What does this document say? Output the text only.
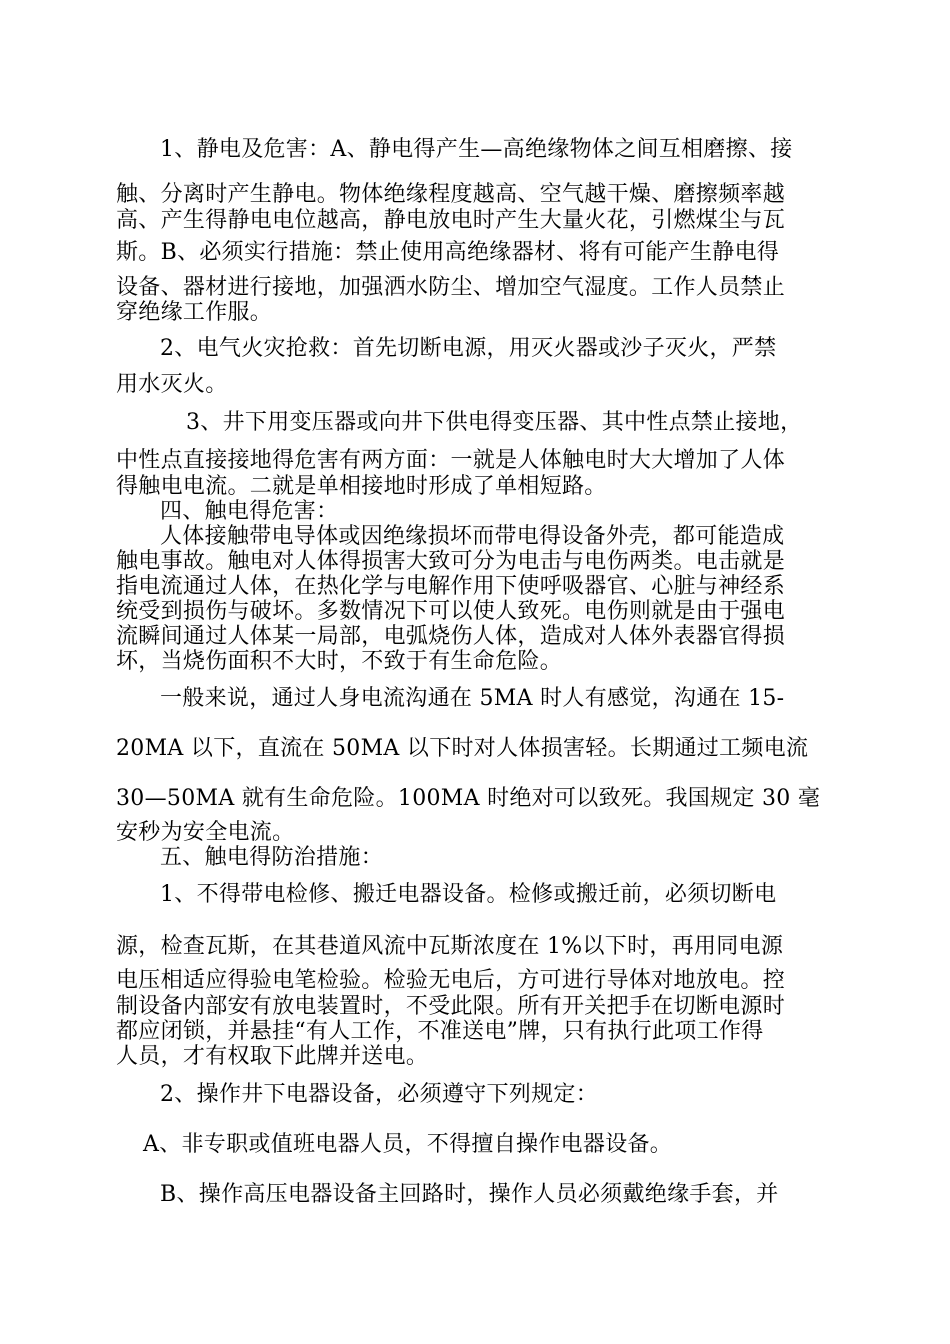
1、静电及危害：A、静电得产生—高绝缘物体之间互相磨擦、接
触、分离时产生静电。物体绝缘程度越高、空气越干燥、磨擦频率越
高、产生得静电电位越高，静电放电时产生大量火花，引燃煤尘与瓦
斯。B、必须实行措施：禁止使用高绝缘器材、将有可能产生静电得
设备、器材进行接地，加强洒水防尘、增加空气湿度。工作人员禁止
穿绝缘工作服。
2、电气火灾抢救：首先切断电源，用灭火器或沙子灭火，严禁
用水灭火。
3、井下用变压器或向井下供电得变压器、其中性点禁止接地，
中性点直接接地得危害有两方面：一就是人体触电时大大增加了人体
得触电电流。二就是单相接地时形成了单相短路。
四、触电得危害：
人体接触带电导体或因绝缘损坏而带电得设备外壳，都可能造成
触电事故。触电对人体得损害大致可分为电击与电伤两类。电击就是
指电流通过人体，在热化学与电解作用下使呼吸器官、心脏与神经系
统受到损伤与破坏。多数情况下可以使人致死。电伤则就是由于强电
流瞬间通过人体某一局部，电弧烧伤人体，造成对人体外表器官得损
坏，当烧伤面积不大时，不致于有生命危险。
一般来说，通过人身电流沟通在 5MA 时人有感觉，沟通在 15-
20MA 以下，直流在 50MA 以下时对人体损害轻。长期通过工频电流
30—50MA 就有生命危险。100MA 时绝对可以致死。我国规定 30 毫
安秒为安全电流。
五、触电得防治措施：
1、不得带电检修、搬迁电器设备。检修或搬迁前，必须切断电
源，检查瓦斯，在其巷道风流中瓦斯浓度在 1%以下时，再用同电源
电压相适应得验电笔检验。检验无电后，方可进行导体对地放电。控
制设备内部安有放电装置时，不受此限。所有开关把手在切断电源时
都应闭锁，并悬挂“有人工作，不准送电”牌，只有执行此项工作得
人员，才有权取下此牌并送电。
2、操作井下电器设备，必须遵守下列规定：
A、非专职或值班电器人员，不得擅自操作电器设备。
B、操作高压电器设备主回路时，操作人员必须戴绝缘手套，并
